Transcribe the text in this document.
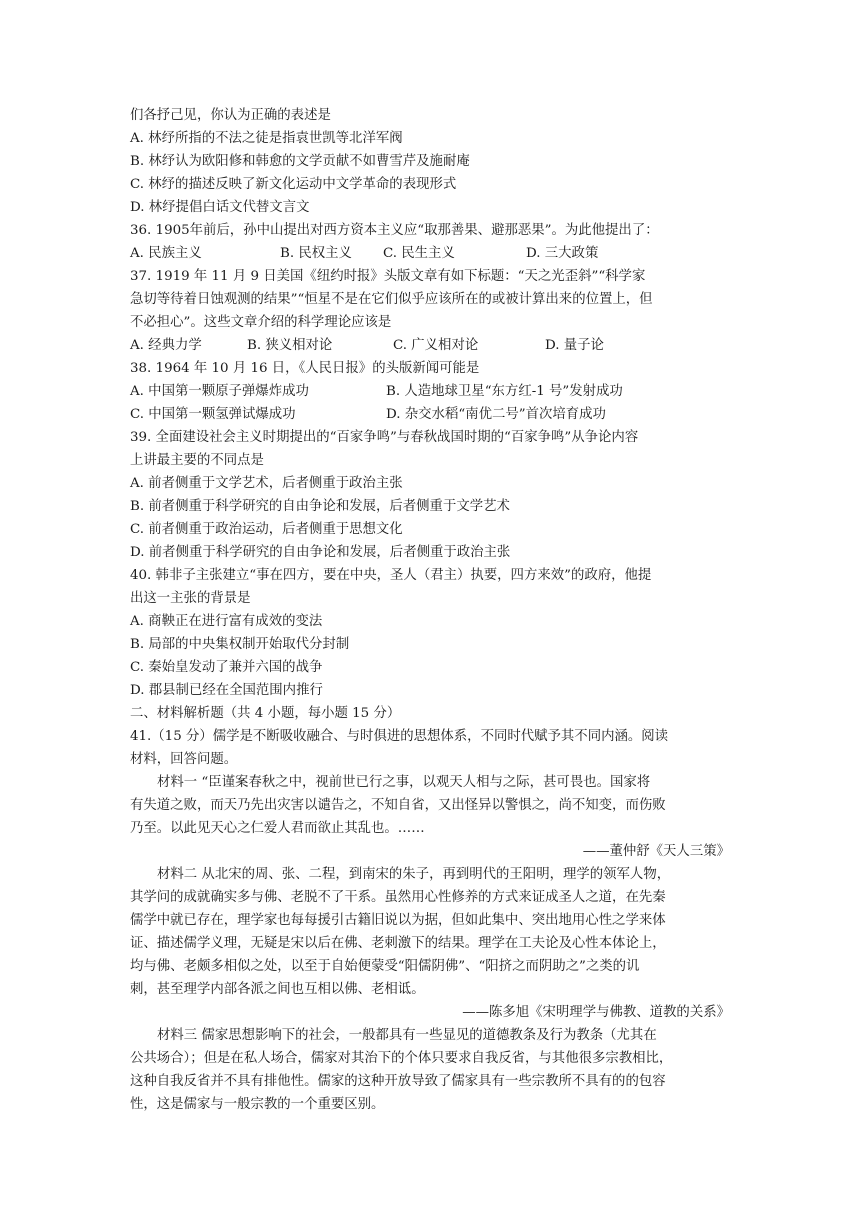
们各抒己见，你认为正确的表述是
A. 林纾所指的不法之徒是指袁世凯等北洋军阀
B. 林纾认为欧阳修和韩愈的文学贡献不如曹雪芹及施耐庵
C. 林纾的描述反映了新文化运动中文学革命的表现形式
D. 林纾提倡白话文代替文言文
36. 1905年前后，孙中山提出对西方资本主义应“取那善果、避那恶果”。为此他提出了：
A. 民族主义	B. 民权主义	C. 民生主义	D. 三大政策
37. 1919 年 11 月 9 日美国《纽约时报》头版文章有如下标题：“天之光歪斜”“科学家
急切等待着日蚀观测的结果”“恒星不是在它们似乎应该所在的或被计算出来的位置上，但
不必担心”。这些文章介绍的科学理论应该是
A. 经典力学	B. 狭义相对论	C. 广义相对论	D. 量子论
38. 1964 年 10 月 16 日，《人民日报》的头版新闻可能是
A. 中国第一颗原子弹爆炸成功	B. 人造地球卫星“东方红-1 号”发射成功
C. 中国第一颗氢弹试爆成功	D. 杂交水稻“南优二号”首次培育成功
39. 全面建设社会主义时期提出的“百家争鸣”与春秋战国时期的“百家争鸣”从争论内容
上讲最主要的不同点是
A. 前者侧重于文学艺术，后者侧重于政治主张
B. 前者侧重于科学研究的自由争论和发展，后者侧重于文学艺术
C. 前者侧重于政治运动，后者侧重于思想文化
D. 前者侧重于科学研究的自由争论和发展，后者侧重于政治主张
40. 韩非子主张建立“事在四方，要在中央，圣人（君主）执要，四方来效”的政府，他提
出这一主张的背景是
A. 商鞅正在进行富有成效的变法
B. 局部的中央集权制开始取代分封制
C. 秦始皇发动了兼并六国的战争
D. 郡县制已经在全国范围内推行
二、材料解析题（共 4 小题，每小题 15 分）
41.（15 分）儒学是不断吸收融合、与时俱进的思想体系，不同时代赋予其不同内涵。阅读
材料，回答问题。
材料一 “臣谨案春秋之中，视前世已行之事，以观天人相与之际，甚可畏也。国家将
有失道之败，而天乃先出灾害以谴告之，不知自省，又出怪异以警惧之，尚不知变，而伤败
乃至。以此见天心之仁爱人君而欲止其乱也。……
——董仲舒《天人三策》
材料二 从北宋的周、张、二程，到南宋的朱子，再到明代的王阳明，理学的领军人物，
其学问的成就确实多与佛、老脱不了干系。虽然用心性修养的方式来证成圣人之道，在先秦
儒学中就已存在，理学家也每每援引古籍旧说以为据，但如此集中、突出地用心性之学来体
证、描述儒学义理，无疑是宋以后在佛、老刺激下的结果。理学在工夫论及心性本体论上，
均与佛、老颇多相似之处，以至于自始便蒙受“阳儒阴佛”、“阳挤之而阴助之”之类的讥
刺，甚至理学内部各派之间也互相以佛、老相诋。
——陈多旭《宋明理学与佛教、道教的关系》
材料三 儒家思想影响下的社会，一般都具有一些显见的道德教条及行为教条（尤其在
公共场合）；但是在私人场合，儒家对其治下的个体只要求自我反省，与其他很多宗教相比，
这种自我反省并不具有排他性。儒家的这种开放导致了儒家具有一些宗教所不具有的的包容
性，这是儒家与一般宗教的一个重要区别。
